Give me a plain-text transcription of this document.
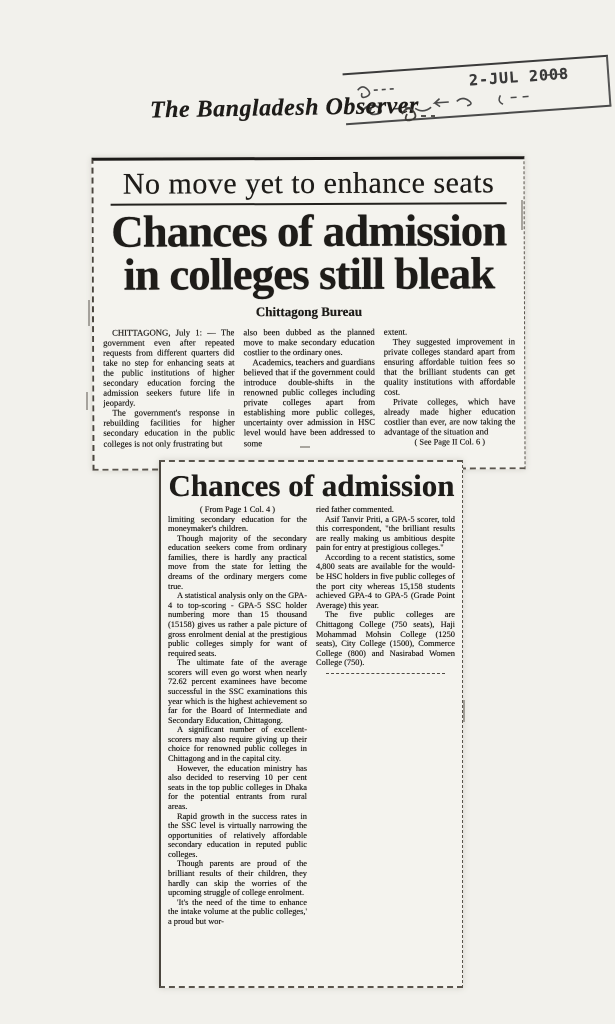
2-JUL 2008
The Bangladesh Observer
No move yet to enhance seats
Chances of admission
in colleges still bleak
Chittagong Bureau

CHITTAGONG, July 1: — The government even after repeated requests from different quarters did take no step for enhancing seats at the public institutions of higher secondary education forcing the admission seekers future life in jeopardy.

The government's response in rebuilding facilities for higher secondary education in the public colleges is not only frustrating but

also been dubbed as the planned move to make secondary education costlier to the ordinary ones.

Academics, teachers and guardians believed that if the government could introduce double-shifts in the renowned public colleges including private colleges apart from establishing more public colleges, uncertainty over admission in HSC level would have been addressed to some

extent.

They suggested improvement in private colleges standard apart from ensuring affordable tuition fees so that the brilliant students can get quality institutions with affordable cost.

Private colleges, which have already made higher education costlier than ever, are now taking the advantage of the situation and

( See Page II Col. 6 )

Chances of admission

( From Page 1 Col. 4 )

limiting secondary education for the moneymaker's children.

Though majority of the secondary education seekers come from ordinary families, there is hardly any practical move from the state for letting the dreams of the ordinary mergers come true.

A statistical analysis only on the GPA-4 to top-scoring - GPA-5 SSC holder numbering more than 15 thousand (15158) gives us rather a pale picture of gross enrolment denial at the prestigious public colleges simply for want of required seats.

The ultimate fate of the average scorers will even go worst when nearly 72.62 percent examinees have become successful in the SSC examinations this year which is the highest achievement so far for the Board of Intermediate and Secondary Education, Chittagong.

A significant number of excellent-scorers may also require giving up their choice for renowned public colleges in Chittagong and in the capital city.

However, the education ministry has also decided to reserving 10 per cent seats in the top public colleges in Dhaka for the potential entrants from rural areas.

Rapid growth in the success rates in the SSC level is virtually narrowing the opportunities of relatively affordable secondary education in reputed public colleges.

Though parents are proud of the brilliant results of their children, they hardly can skip the worries of the upcoming struggle of college enrolment.

'It's the need of the time to enhance the intake volume at the public colleges,' a proud but wor-

ried father commented.

Asif Tanvir Priti, a GPA-5 scorer, told this correspondent, "the brilliant results are really making us ambitious despite pain for entry at prestigious colleges."

According to a recent statistics, some 4,800 seats are available for the would-be HSC holders in five public colleges of the port city whereas 15,158 students achieved GPA-4 to GPA-5 (Grade Point Average) this year.

The five public colleges are Chittagong College (750 seats), Haji Mohammad Mohsin College (1250 seats), City College (1500), Commerce College (800) and Nasirabad Women College (750).
